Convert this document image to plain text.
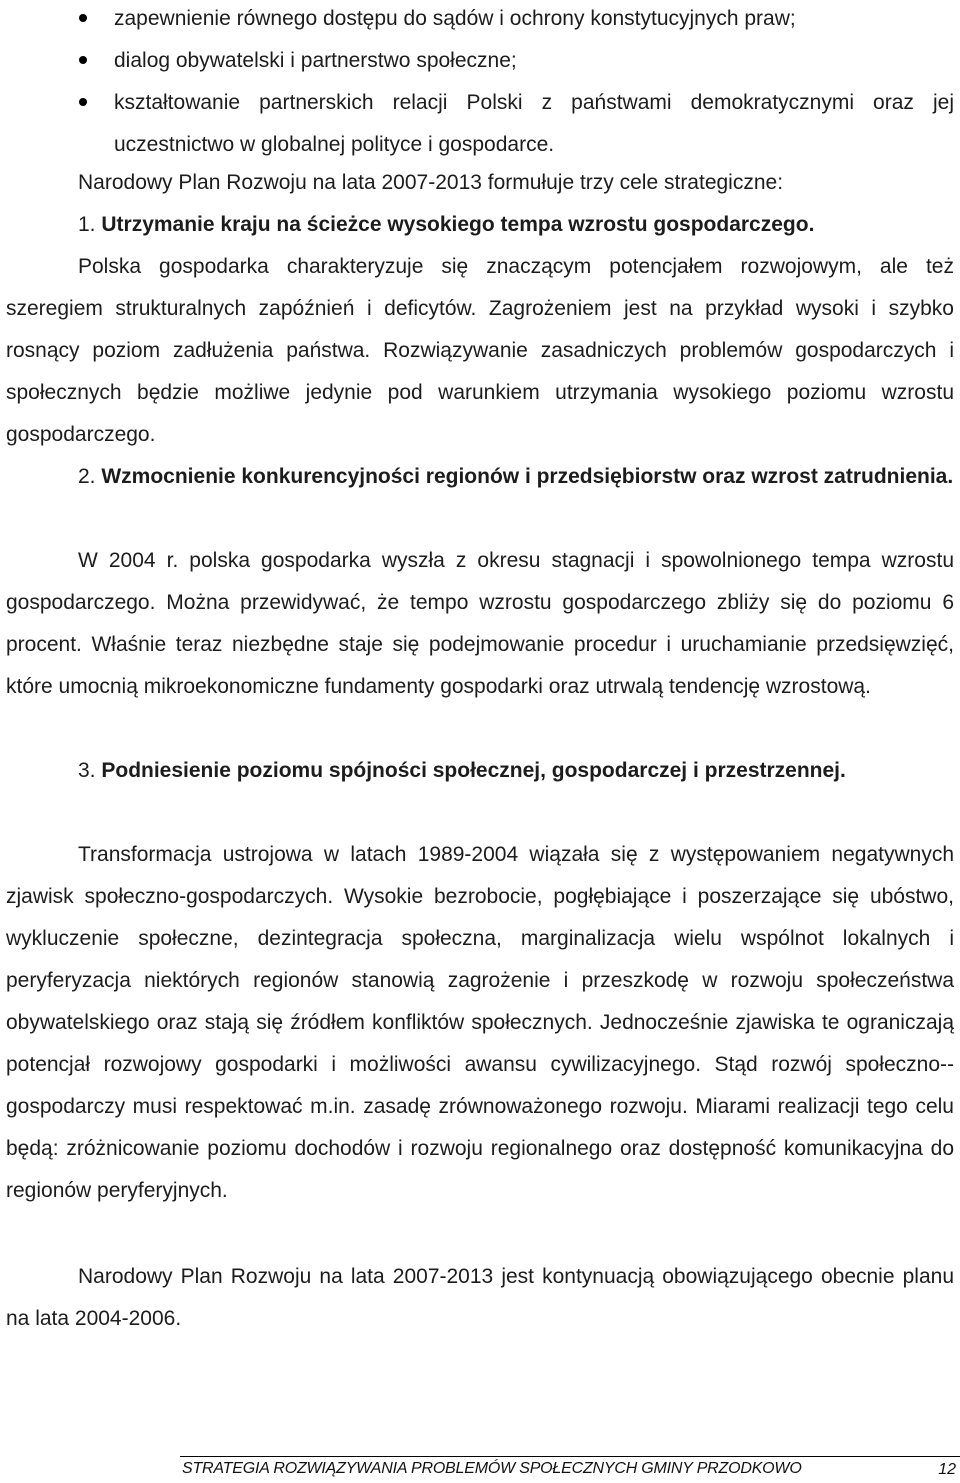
zapewnienie równego dostępu do sądów i ochrony konstytucyjnych praw;
dialog obywatelski i partnerstwo społeczne;
kształtowanie partnerskich relacji Polski z państwami demokratycznymi oraz jej uczestnictwo w globalnej polityce i gospodarce.
Narodowy Plan Rozwoju na lata 2007-2013 formułuje trzy cele strategiczne:
1. Utrzymanie kraju na ścieżce wysokiego tempa wzrostu gospodarczego.
Polska gospodarka charakteryzuje się znaczącym potencjałem rozwojowym, ale też szeregiem strukturalnych zapóźnień i deficytów. Zagrożeniem jest na przykład wysoki i szybko rosnący poziom zadłużenia państwa. Rozwiązywanie zasadniczych problemów gospodarczych i społecznych będzie możliwe jedynie pod warunkiem utrzymania wysokiego poziomu wzrostu gospodarczego.
2. Wzmocnienie konkurencyjności regionów i przedsiębiorstw oraz wzrost zatrudnienia.
W 2004 r. polska gospodarka wyszła z okresu stagnacji i spowolnionego tempa wzrostu gospodarczego. Można przewidywać, że tempo wzrostu gospodarczego zbliży się do poziomu 6 procent. Właśnie teraz niezbędne staje się podejmowanie procedur i uruchamianie przedsięwzięć, które umocnią mikroekonomiczne fundamenty gospodarki oraz utrwalą tendencję wzrostową.
3. Podniesienie poziomu spójności społecznej, gospodarczej i przestrzennej.
Transformacja ustrojowa w latach 1989-2004 wiązała się z występowaniem negatywnych zjawisk społeczno-gospodarczych. Wysokie bezrobocie, pogłębiające i poszerzające się ubóstwo, wykluczenie społeczne, dezintegracja społeczna, marginalizacja wielu wspólnot lokalnych i peryferyzacja niektórych regionów stanowią zagrożenie i przeszkodę w rozwoju społeczeństwa obywatelskiego oraz stają się źródłem konfliktów społecznych. Jednocześnie zjawiska te ograniczają potencjał rozwojowy gospodarki i możliwości awansu cywilizacyjnego. Stąd rozwój społeczno--gospodarczy musi respektować m.in. zasadę zrównoważonego rozwoju. Miarami realizacji tego celu będą: zróżnicowanie poziomu dochodów i rozwoju regionalnego oraz dostępność komunikacyjna do regionów peryferyjnych.
Narodowy Plan Rozwoju na lata 2007-2013 jest kontynuacją obowiązującego obecnie planu na lata 2004-2006.
STRATEGIA ROZWIĄZYWANIA PROBLEMÓW SPOŁECZNYCH GMINY PRZODKOWO	12
